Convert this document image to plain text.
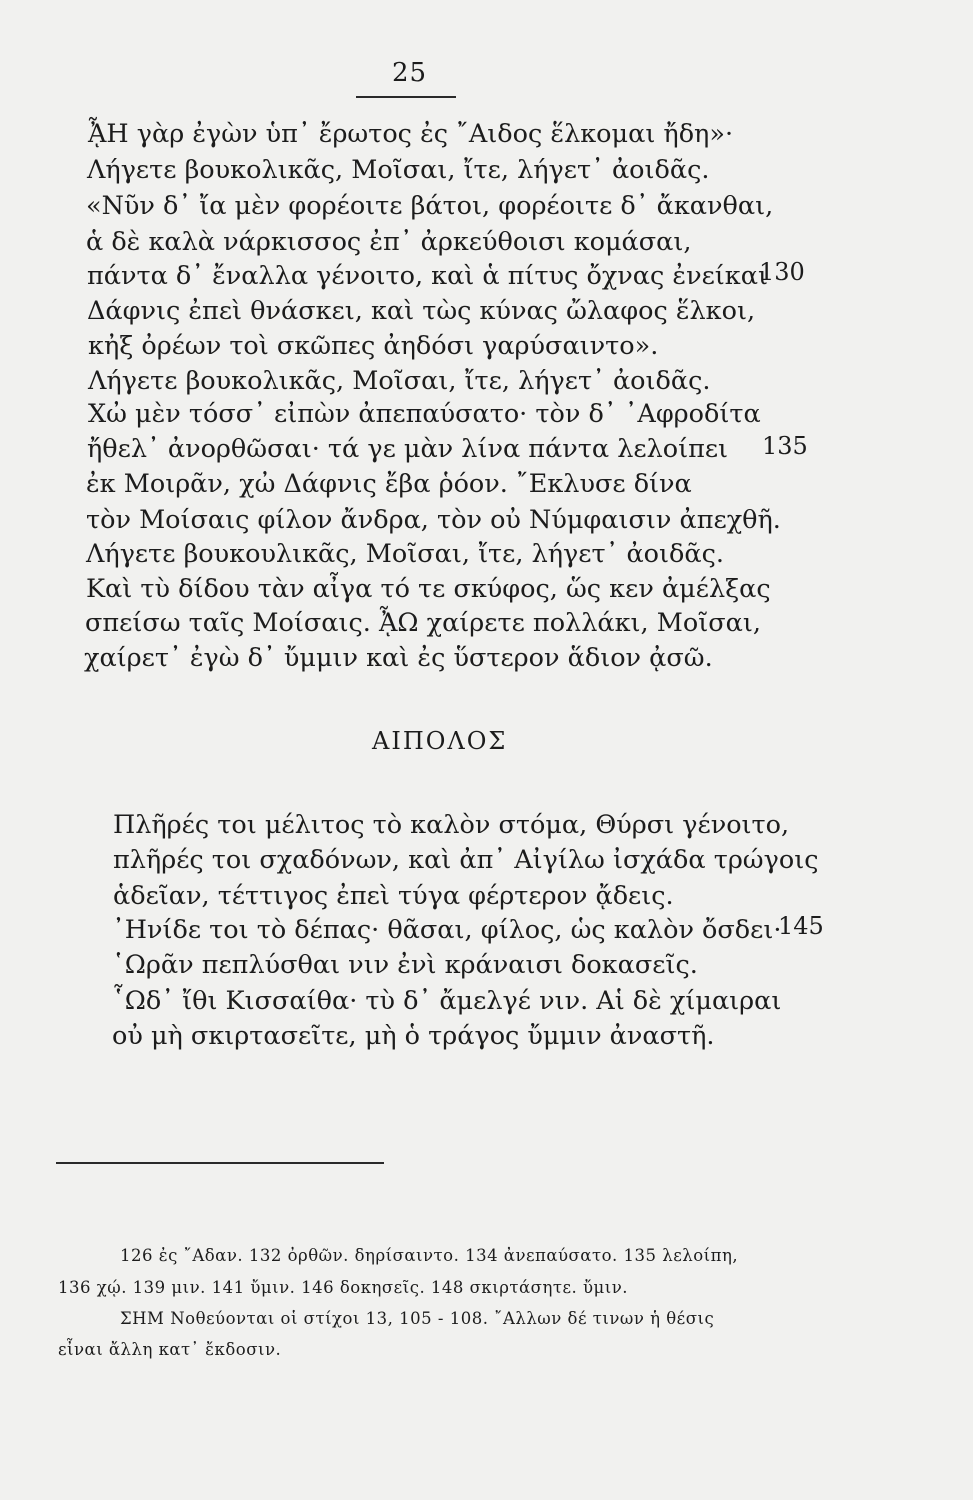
25
ᾎΗ γὰρ ἐγὼν ὑπ᾽ ἔρωτος ἐς ῎Αιδος ἕλκομαι ἤδη»·
Λήγετε βουκολικᾶς, Μοῖσαι, ἴτε, λήγετ᾽ ἀοιδᾶς.
«Νῦν δ᾽ ἴα μὲν φορέοιτε βάτοι, φορέοιτε δ᾽ ἄκανθαι,
ἁ δὲ καλὰ νάρκισσος ἐπ᾽ ἀρκεύθοισι κομάσαι,
πάντα δ᾽ ἔναλλα γένοιτο, καὶ ἁ πίτυς ὄχνας ἐνείκαι
Δάφνις ἐπεὶ θνάσκει, καὶ τὼς κύνας ὤλαφος ἕλκοι,
κἠξ ὀρέων τοὶ σκῶπες ἀηδόσι γαρύσαιντο».
Λήγετε βουκολικᾶς, Μοῖσαι, ἴτε, λήγετ᾽ ἀοιδᾶς.
Χὠ μὲν τόσσ᾽ εἰπὼν ἀπεπαύσατο· τὸν δ᾽ ᾽Αφροδίτα
ἤθελ᾽ ἀνορθῶσαι· τά γε μὰν λίνα πάντα λελοίπει
ἐκ Μοιρᾶν, χὠ Δάφνις ἔβα ῥόον. ῎Εκλυσε δίνα
τὸν Μοίσαις φίλον ἄνδρα, τὸν οὐ Νύμφαισιν ἀπεχθῆ.
Λήγετε βουκουλικᾶς, Μοῖσαι, ἴτε, λήγετ᾽ ἀοιδᾶς.
Καὶ τὺ δίδου τὰν αἶγα τό τε σκύφος, ὥς κεν ἀμέλξας
σπείσω ταῖς Μοίσαις. ᾎΩ χαίρετε πολλάκι, Μοῖσαι,
χαίρετ᾽ ἐγὼ δ᾽ ὔμμιν καὶ ἐς ὕστερον ἅδιον ᾀσῶ.
130
135
ΑΙΠΟΛΟΣ
Πλῆρές τοι μέλιτος τὸ καλὸν στόμα, Θύρσι γένοιτο,
πλῆρές τοι σχαδόνων, καὶ ἀπ᾽ Αἰγίλω ἰσχάδα τρώγοις
ἁδεῖαν, τέττιγος ἐπεὶ τύγα φέρτερον ᾄδεις.
᾽Ηνίδε τοι τὸ δέπας· θᾶσαι, φίλος, ὡς καλὸν ὄσδει·
῾Ωρᾶν πεπλύσθαι νιν ἐνὶ κράναισι δοκασεῖς.
῟Ωδ᾽ ἴθι Κισσαίθα· τὺ δ᾽ ἄμελγέ νιν. Αἱ δὲ χίμαιραι
οὐ μὴ σκιρτασεῖτε, μὴ ὁ τράγος ὔμμιν ἀναστῆ.
145
126 ἐς ῎Αδαν. 132 ὀρθῶν. δηρίσαιντο. 134 ἀνεπαύσατο. 135 λελοίπη,
136 χῴ. 139 μιν. 141 ὔμιν. 146 δοκησεῖς. 148 σκιρτάσητε. ὔμιν.
ΣΗΜ Νοθεύονται οἱ στίχοι 13, 105 - 108. ῎Αλλων δέ τινων ἡ θέσις
εἶναι ἄλλη κατ᾽ ἔκδοσιν.
